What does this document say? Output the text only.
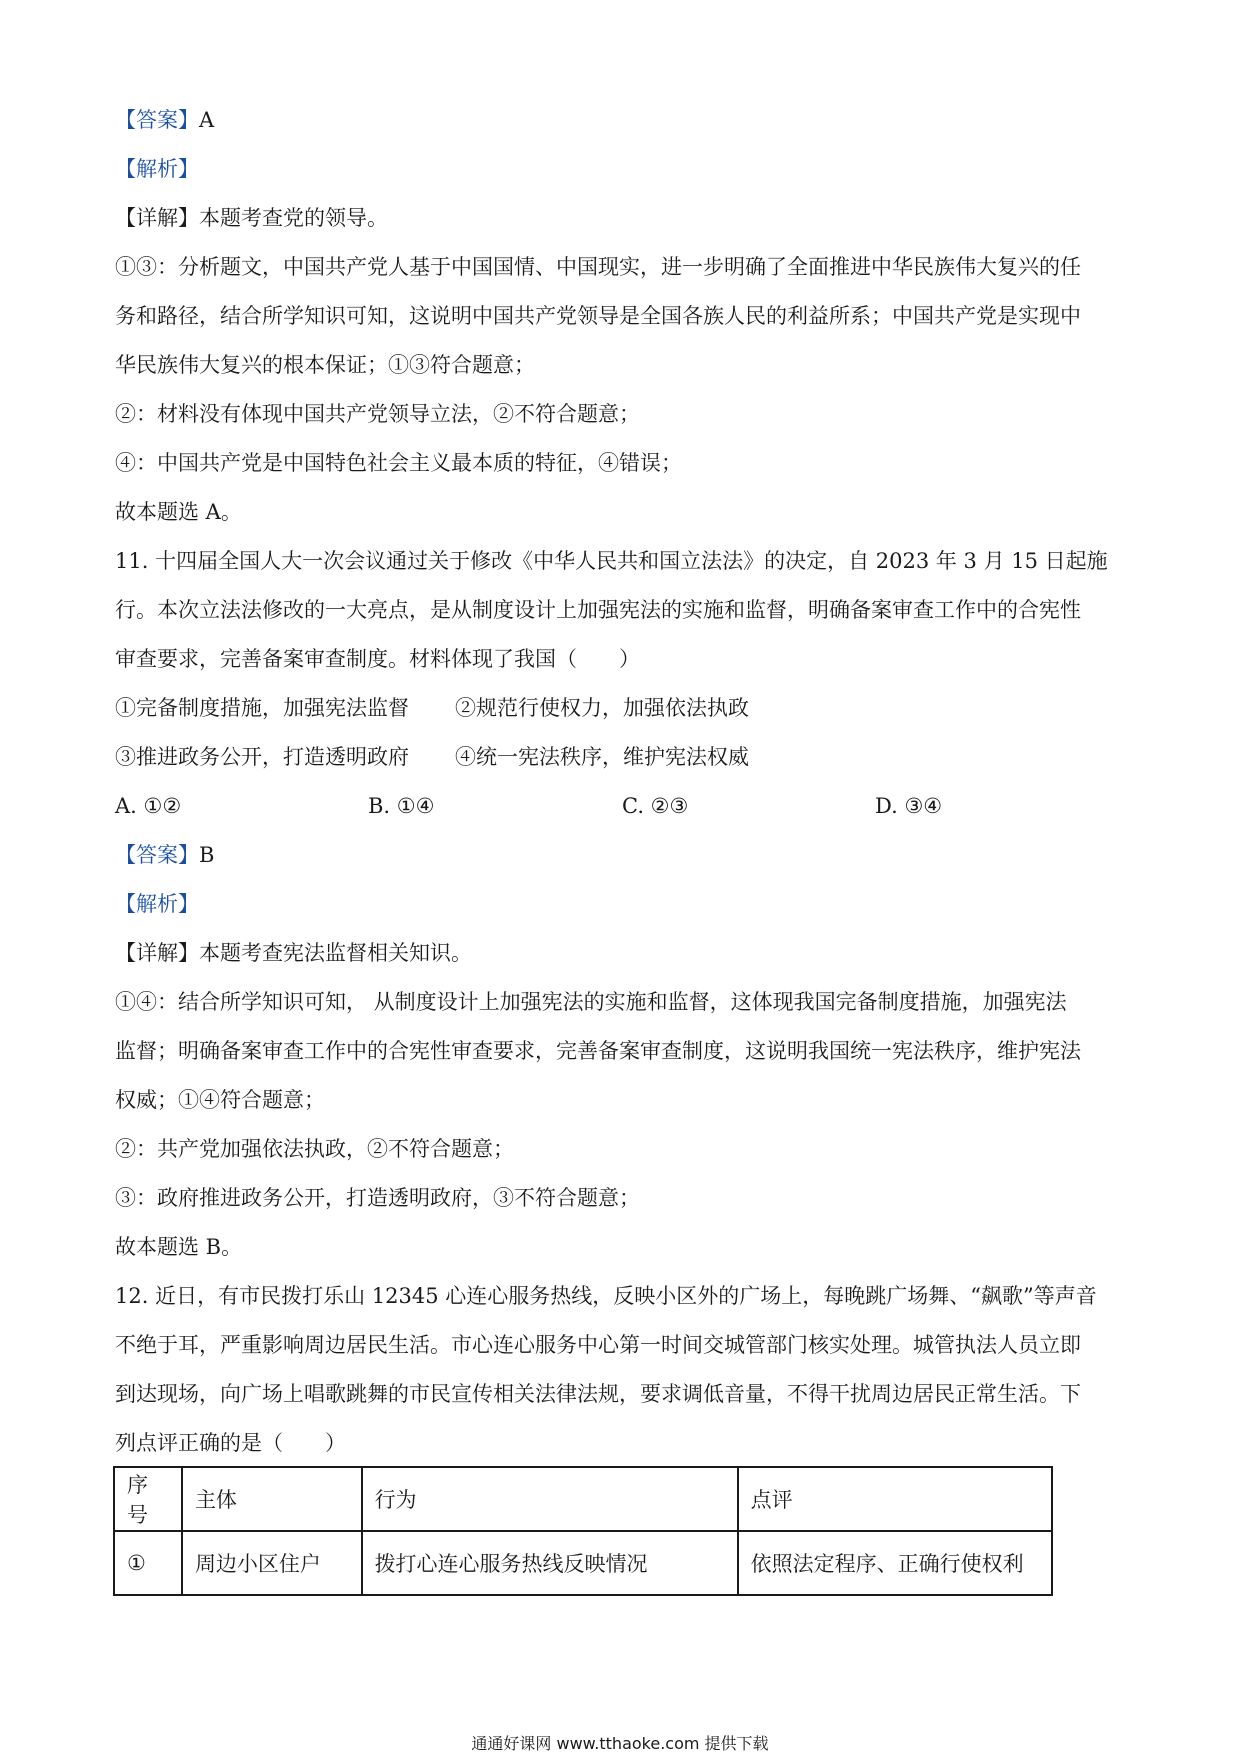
【答案】A
【解析】
【详解】本题考查党的领导。
①③：分析题文，中国共产党人基于中国国情、中国现实，进一步明确了全面推进中华民族伟大复兴的任
务和路径，结合所学知识可知，这说明中国共产党领导是全国各族人民的利益所系；中国共产党是实现中
华民族伟大复兴的根本保证；①③符合题意；
②：材料没有体现中国共产党领导立法，②不符合题意；
④：中国共产党是中国特色社会主义最本质的特征，④错误；
故本题选 A。
11. 十四届全国人大一次会议通过关于修改《中华人民共和国立法法》的决定，自 2023 年 3 月 15 日起施
行。本次立法法修改的一大亮点，是从制度设计上加强宪法的实施和监督，明确备案审查工作中的合宪性
审查要求，完善备案审查制度。材料体现了我国（　　）
①完备制度措施，加强宪法监督 ②规范行使权力，加强依法执政
③推进政务公开，打造透明政府 ④统一宪法秩序，维护宪法权威
A. ①②	B. ①④	C. ②③	D. ③④
【答案】B
【解析】
【详解】本题考查宪法监督相关知识。
①④：结合所学知识可知， 从制度设计上加强宪法的实施和监督，这体现我国完备制度措施，加强宪法
监督；明确备案审查工作中的合宪性审查要求，完善备案审查制度，这说明我国统一宪法秩序，维护宪法
权威；①④符合题意；
②：共产党加强依法执政，②不符合题意；
③：政府推进政务公开，打造透明政府，③不符合题意；
故本题选 B。
12. 近日，有市民拨打乐山 12345 心连心服务热线，反映小区外的广场上，每晚跳广场舞、“飙歌”等声音
不绝于耳，严重影响周边居民生活。市心连心服务中心第一时间交城管部门核实处理。城管执法人员立即
到达现场，向广场上唱歌跳舞的市民宣传相关法律法规，要求调低音量，不得干扰周边居民正常生活。下
列点评正确的是（　　）
序号	主体	行为	点评
①	周边小区住户	拨打心连心服务热线反映情况	依照法定程序、正确行使权利
通通好课网 www.tthaoke.com 提供下载
